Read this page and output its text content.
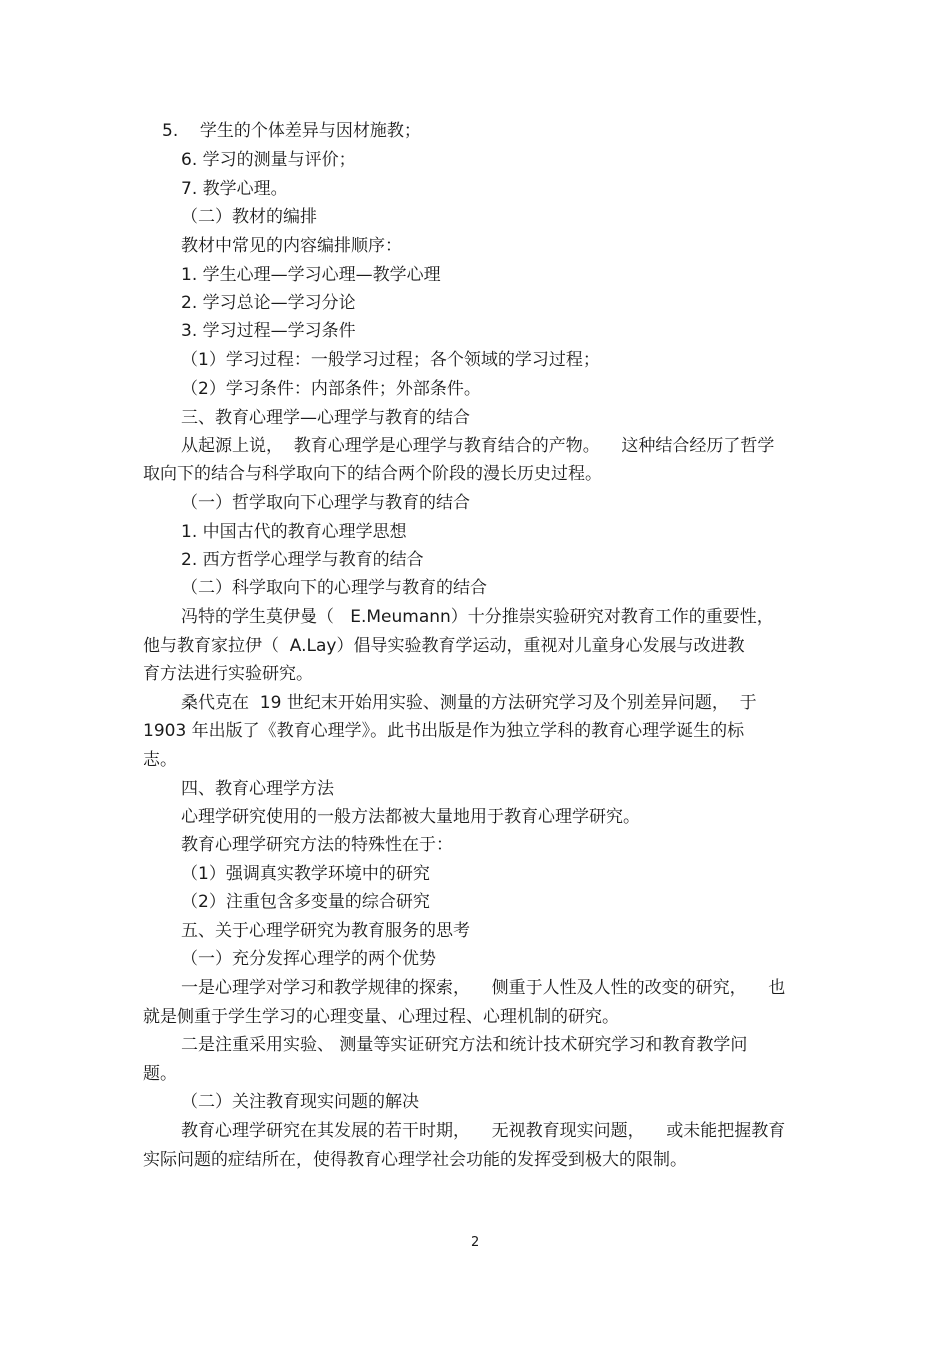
5.    学生的个体差异与因材施教；
6. 学习的测量与评价；
7. 教学心理。
（二）教材的编排
教材中常见的内容编排顺序：
1. 学生心理—学习心理—教学心理
2. 学习总论—学习分论
3. 学习过程—学习条件
（1）学习过程：一般学习过程；各个领域的学习过程；
（2）学习条件：内部条件；外部条件。
三、教育心理学—心理学与教育的结合
从起源上说，  教育心理学是心理学与教育结合的产物。    这种结合经历了哲学
取向下的结合与科学取向下的结合两个阶段的漫长历史过程。
（一）哲学取向下心理学与教育的结合
1. 中国古代的教育心理学思想
2. 西方哲学心理学与教育的结合
（二）科学取向下的心理学与教育的结合
冯特的学生莫伊曼（   E.Meumann）十分推崇实验研究对教育工作的重要性，
他与教育家拉伊（  A.Lay）倡导实验教育学运动，重视对儿童身心发展与改进教
育方法进行实验研究。
桑代克在  19 世纪末开始用实验、测量的方法研究学习及个别差异问题，  于
1903 年出版了《教育心理学》。此书出版是作为独立学科的教育心理学诞生的标
志。
四、教育心理学方法
心理学研究使用的一般方法都被大量地用于教育心理学研究。
教育心理学研究方法的特殊性在于：
（1）强调真实教学环境中的研究
（2）注重包含多变量的综合研究
五、关于心理学研究为教育服务的思考
（一）充分发挥心理学的两个优势
一是心理学对学习和教学规律的探索，    侧重于人性及人性的改变的研究，    也
就是侧重于学生学习的心理变量、心理过程、心理机制的研究。
二是注重采用实验、 测量等实证研究方法和统计技术研究学习和教育教学问
题。
（二）关注教育现实问题的解决
教育心理学研究在其发展的若干时期，    无视教育现实问题，    或未能把握教育
实际问题的症结所在，使得教育心理学社会功能的发挥受到极大的限制。
2
